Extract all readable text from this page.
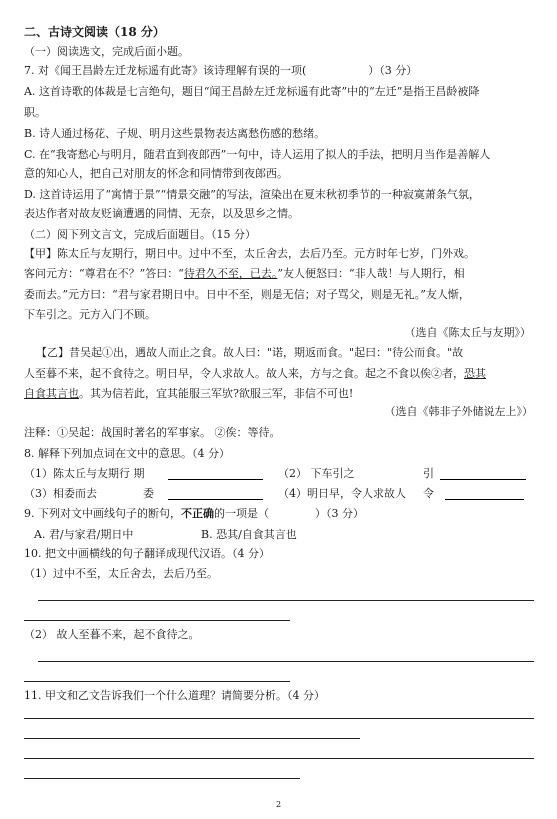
二、古诗文阅读（18 分）
（一）阅读选文，完成后面小题。
7. 对《闻王昌龄左迁龙标遥有此寄》该诗理解有误的一项(	）（3 分）
A. 这首诗歌的体裁是七言绝句，题目“闻王昌龄左迁龙标遥有此寄”中的“左迁”是指王昌龄被降
职。
B. 诗人通过杨花、子规、明月这些景物表达离愁伤感的愁绪。
C. 在“我寄愁心与明月，随君直到夜郎西”一句中，诗人运用了拟人的手法，把明月当作是善解人
意的知心人，把自己对朋友的怀念和同情带到夜郎西。
D. 这首诗运用了“寓情于景”“情景交融”的写法，渲染出在夏末秋初季节的一种寂寞萧条气氛，
表达作者对故友贬谪遭遇的同情、无奈，以及思乡之情。
（二）阅下列文言文，完成后面题目。（15 分）
【甲】陈太丘与友期行，期日中。过中不至，太丘舍去，去后乃至。元方时年七岁，门外戏。
客问元方：“尊君在不？”答曰：“待君久不至，已去。”友人便怒曰：“非人哉！与人期行，相
委而去。”元方曰：“君与家君期日中。日中不至，则是无信；对子骂父，则是无礼。”友人惭，
下车引之。元方入门不顾。
（选自《陈太丘与友期》）
【乙】昔吴起①出，遇故人而止之食。故人曰："诺，期返而食。"起曰："待公而食。"故
人至暮不来，起不食待之。明日早，令人求故人。故人来，方与之食。起之不食以俟②者，恐其
自食其言也。其为信若此，宜其能服三军欤?欲服三军，非信不可也!
（选自《韩非子外储说左上》）
注释：①吴起：战国时著名的军事家。 ②俟：等待。
8. 解释下列加点词在文中的意思。（4 分）
（1）陈太丘与友期行 期	（2） 下车引之	引
（3）相委而去	委	（4）明日早，令人求故人 令
9. 下列对文中画线句子的断句，不正确的一项是（	）（3 分）
A. 君/与家君/期日中	B. 恐其/自食其言也
10. 把文中画横线的句子翻译成现代汉语。（4 分）
（1）过中不至，太丘舍去，去后乃至。
（2） 故人至暮不来，起不食待之。
11. 甲文和乙文告诉我们一个什么道理？请简要分析。（4 分）
2
